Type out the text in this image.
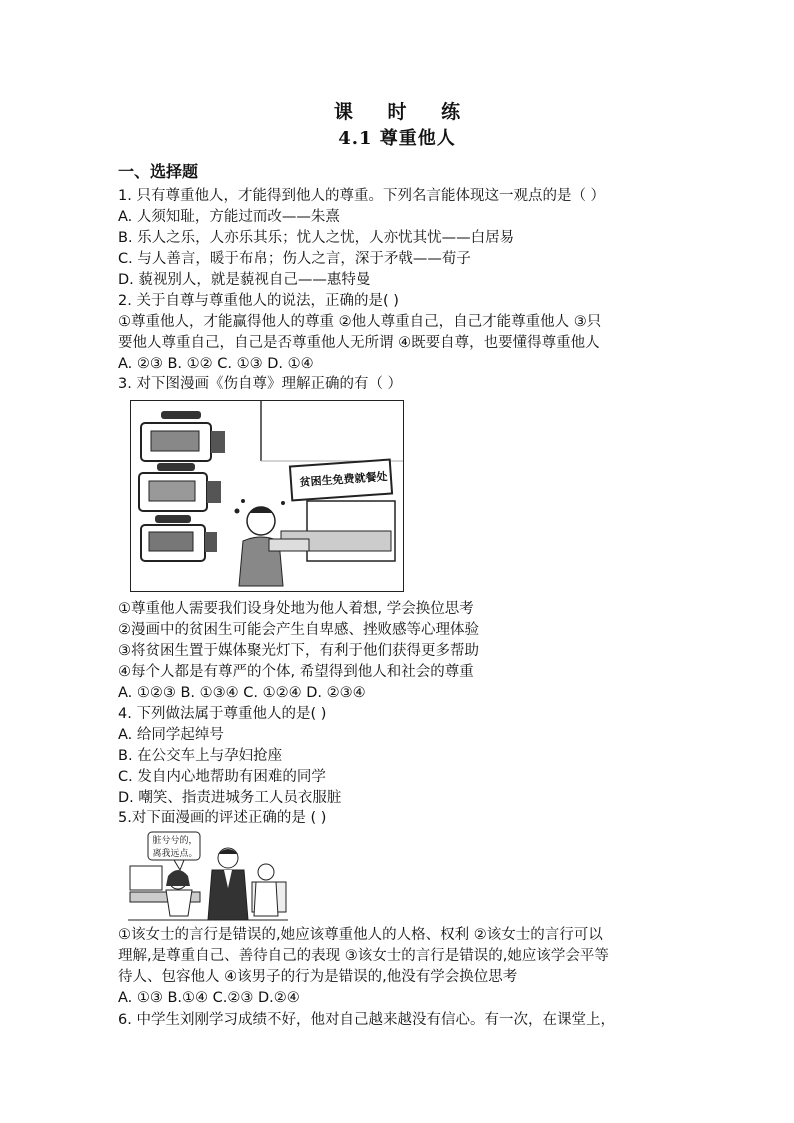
课 时 练
4.1 尊重他人
一、选择题
1. 只有尊重他人，才能得到他人的尊重。下列名言能体现这一观点的是（ ）
A. 人须知耻，方能过而改——朱熹
B. 乐人之乐，人亦乐其乐；忧人之忧，人亦忧其忧——白居易
C. 与人善言，暖于布帛；伤人之言，深于矛戟——荀子
D. 藐视别人，就是藐视自己——惠特曼
2. 关于自尊与尊重他人的说法，正确的是( )
①尊重他人，才能赢得他人的尊重 ②他人尊重自己，自己才能尊重他人 ③只
要他人尊重自己，自己是否尊重他人无所谓 ④既要自尊，也要懂得尊重他人
A. ②③ B. ①② C. ①③ D. ①④
3. 对下图漫画《伤自尊》理解正确的有（ ）
贫困生免费就餐处
①尊重他人需要我们设身处地为他人着想, 学会换位思考
②漫画中的贫困生可能会产生自卑感、挫败感等心理体验
③将贫困生置于媒体聚光灯下，有利于他们获得更多帮助
④每个人都是有尊严的个体, 希望得到他人和社会的尊重
A. ①②③ B. ①③④ C. ①②④ D. ②③④
4. 下列做法属于尊重他人的是( )
A. 给同学起绰号
B. 在公交车上与孕妇抢座
C. 发自内心地帮助有困难的同学
D. 嘲笑、指责进城务工人员衣服脏
5.对下面漫画的评述正确的是 ( )
脏兮兮的，
离我远点。
①该女士的言行是错误的,她应该尊重他人的人格、权利 ②该女士的言行可以
理解,是尊重自己、善待自己的表现 ③该女士的言行是错误的,她应该学会平等
待人、包容他人 ④该男子的行为是错误的,他没有学会换位思考
A. ①③ B.①④ C.②③ D.②④
6. 中学生刘刚学习成绩不好，他对自己越来越没有信心。有一次，在课堂上，
